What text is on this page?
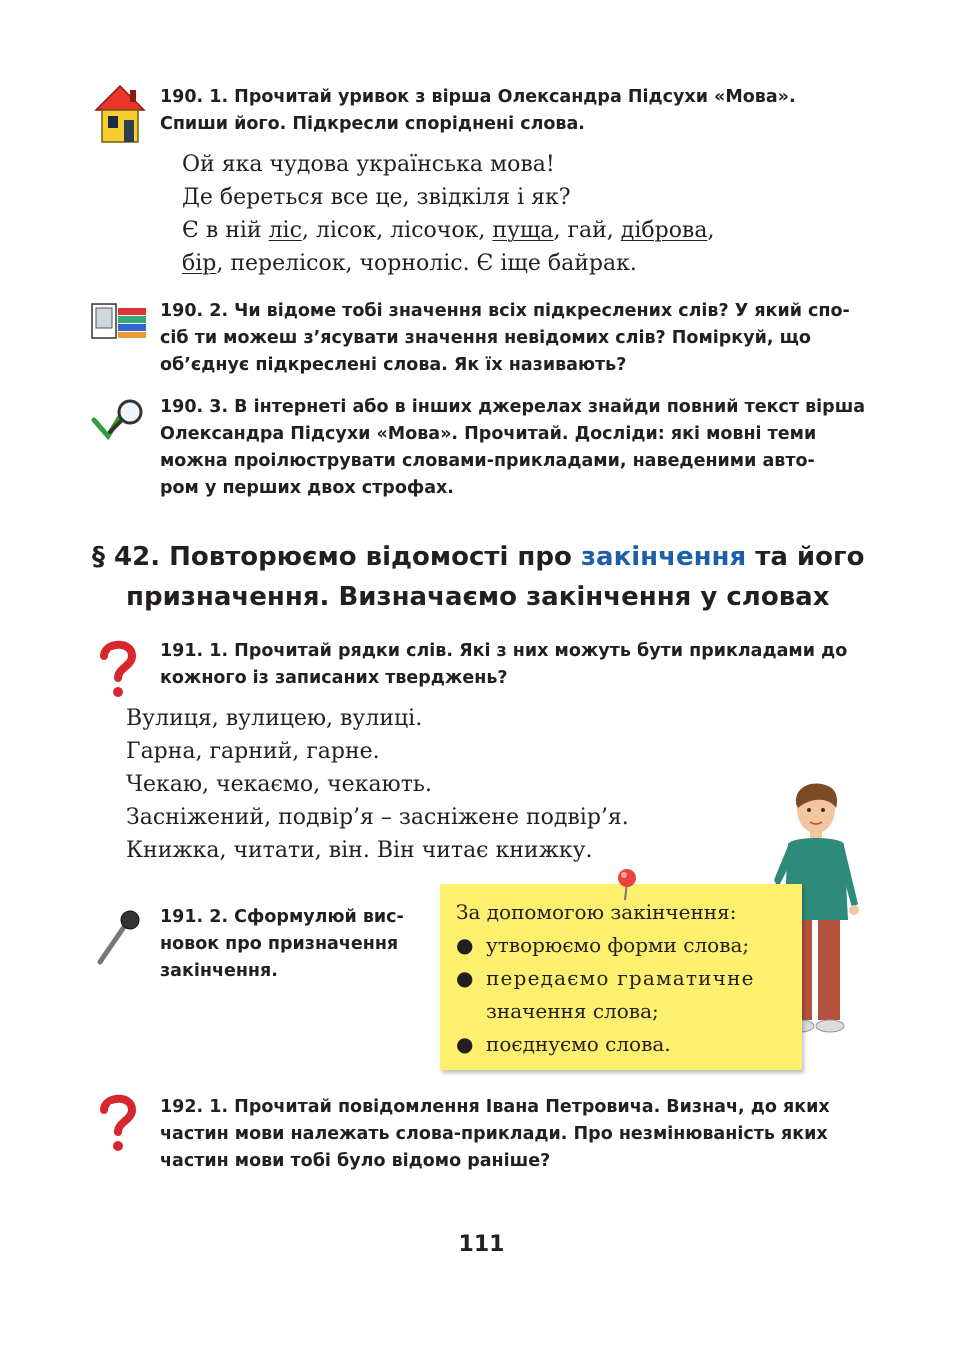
190. 1. Прочитай уривок з вірша Олександра Підсухи «Мова».
Спиши його. Підкресли споріднені слова.
Ой яка чудова українська мова!
Де береться все це, звідкіля і як?
Є в ній ліс, лісок, лісочок, пуща, гай, діброва,
бір, перелісок, чорноліс. Є іще байрак.
190. 2. Чи відоме тобі значення всіх підкреслених слів? У який спо-
сіб ти можеш з’ясувати значення невідомих слів? Поміркуй, що
об’єднує підкреслені слова. Як їх називають?
190. 3. В інтернеті або в інших джерелах знайди повний текст вірша
Олександра Підсухи «Мова». Прочитай. Досліди: які мовні теми
можна проілюструвати словами-прикладами, наведеними авто-
ром у перших двох строфах.
§ 42. Повторюємо відомості про закінчення та його
призначення. Визначаємо закінчення у словах
191. 1. Прочитай рядки слів. Які з них можуть бути прикладами до
кожного із записаних тверджень?
Вулиця, вулицею, вулиці.
Гарна, гарний, гарне.
Чекаю, чекаємо, чекають.
Засніжений, подвір’я – засніжене подвір’я.
Книжка, читати, він. Він читає книжку.
191. 2. Сформулюй вис-
новок про призначення
закінчення.
За допомогою закінчення:
● утворюємо форми слова;
● передаємо граматичне
значення слова;
● поєднуємо слова.
192. 1. Прочитай повідомлення Івана Петровича. Визнач, до яких
частин мови належать слова-приклади. Про незмінюваність яких
частин мови тобі було відомо раніше?
111
